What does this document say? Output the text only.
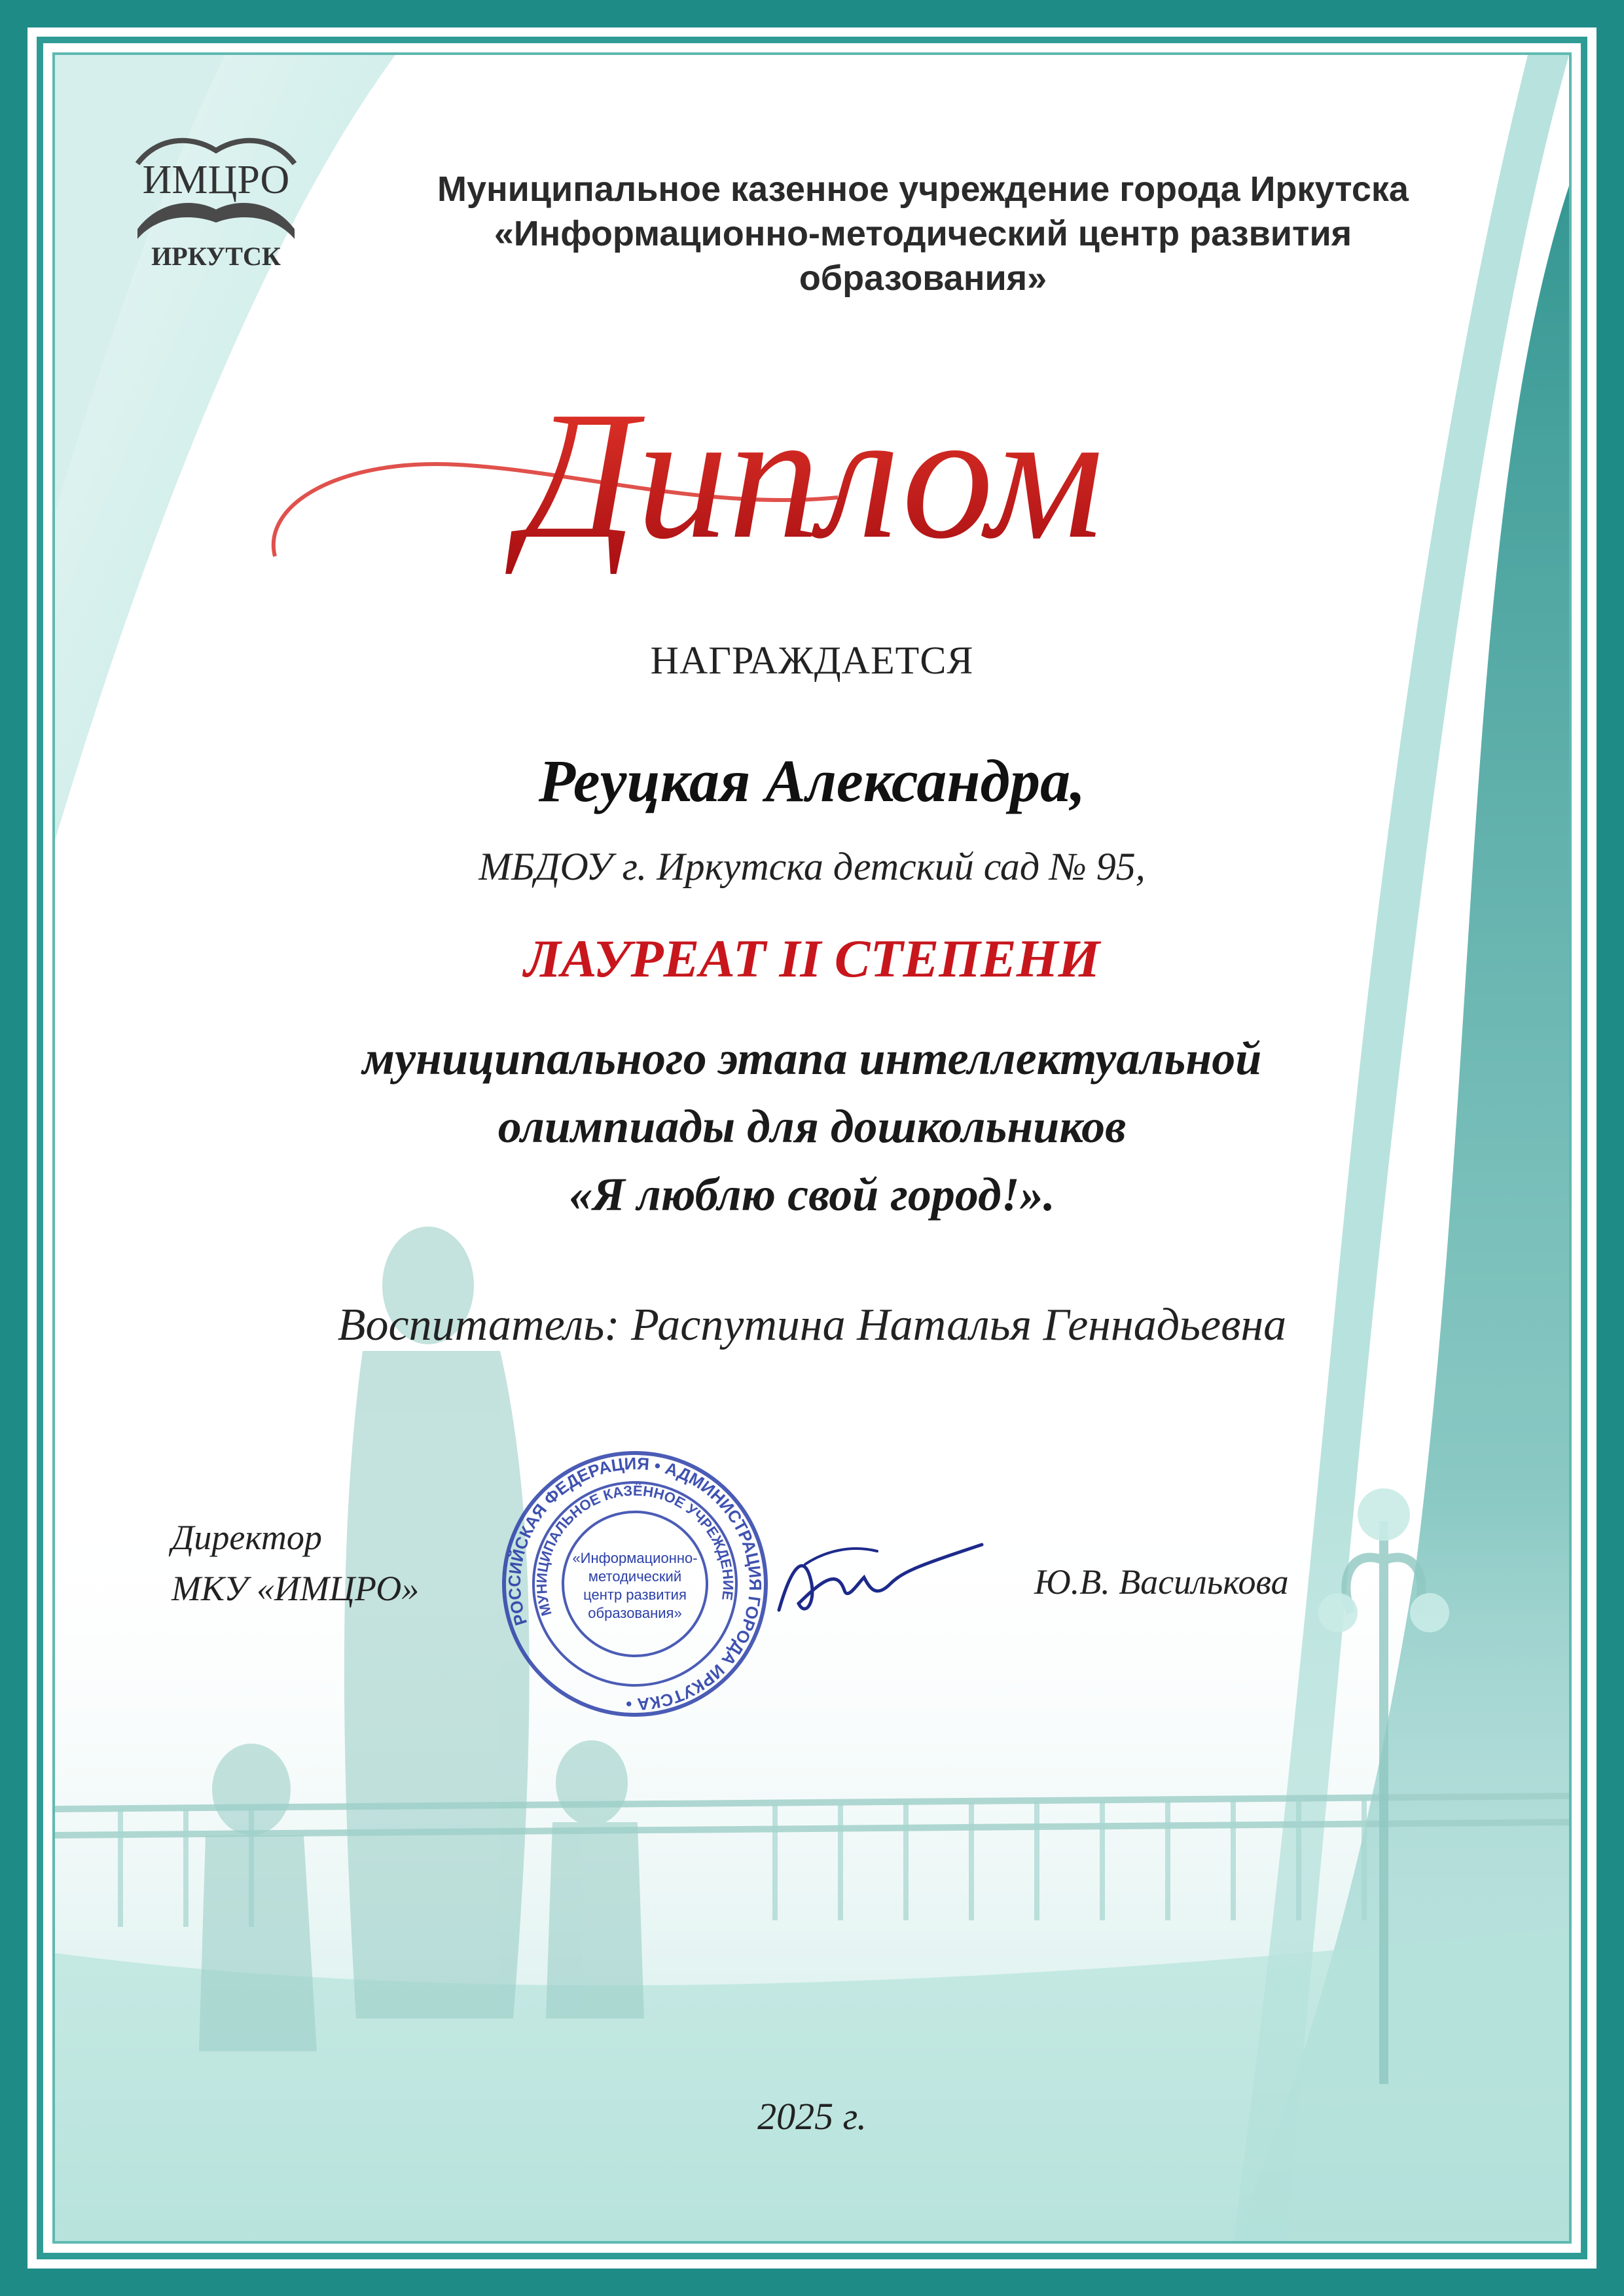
ИМЦРО
ИРКУТСК
Муниципальное казенное учреждение города Иркутска
«Информационно-методический центр развития образования»
Диплом
НАГРАЖДАЕТСЯ
Реуцкая Александра,
МБДОУ г. Иркутска детский сад № 95,
ЛАУРЕАТ II СТЕПЕНИ
муниципального этапа интеллектуальной
олимпиады для дошкольников
«Я люблю свой город!».
Воспитатель: Распутина Наталья Геннадьевна
Директор
МКУ «ИМЦРО»
РОССИЙСКАЯ ФЕДЕРАЦИЯ • АДМИНИСТРАЦИЯ ГОРОДА ИРКУТСКА •
МУНИЦИПАЛЬНОЕ КАЗЁННОЕ УЧРЕЖДЕНИЕ
«Информационно-
методический
центр развития
образования»
Ю.В. Василькова
2025 г.
